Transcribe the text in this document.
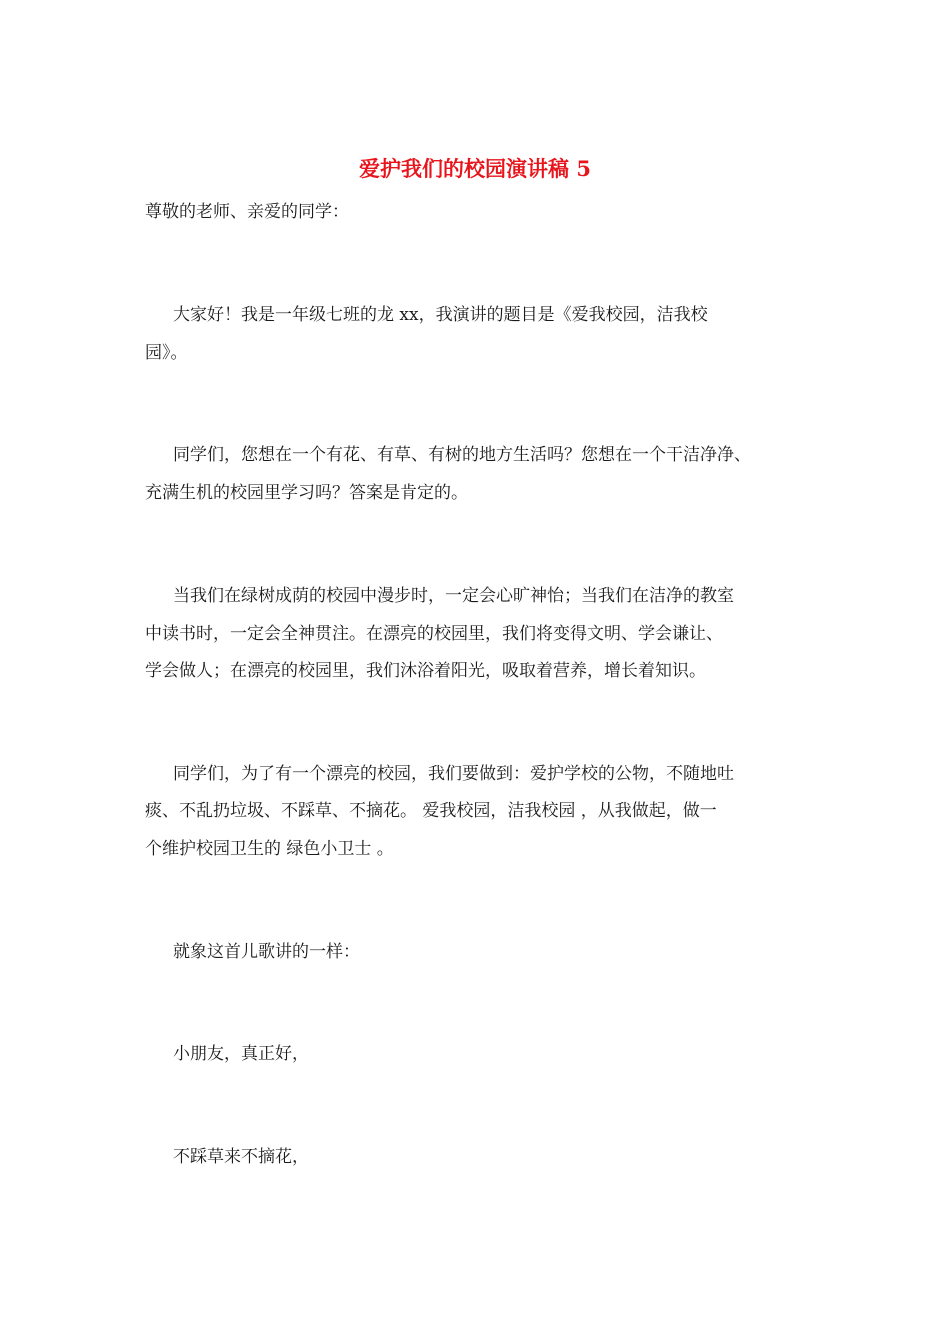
爱护我们的校园演讲稿 5
尊敬的老师、亲爱的同学：
大家好！我是一年级七班的龙 xx，我演讲的题目是《爱我校园，洁我校
园》。
同学们，您想在一个有花、有草、有树的地方生活吗？您想在一个干洁净净、
充满生机的校园里学习吗？答案是肯定的。
当我们在绿树成荫的校园中漫步时，一定会心旷神怡；当我们在洁净的教室
中读书时，一定会全神贯注。在漂亮的校园里，我们将变得文明、学会谦让、
学会做人；在漂亮的校园里，我们沐浴着阳光，吸取着营养，增长着知识。
同学们，为了有一个漂亮的校园，我们要做到：爱护学校的公物，不随地吐
痰、不乱扔垃圾、不踩草、不摘花。 爱我校园，洁我校园 ，从我做起，做一
个维护校园卫生的 绿色小卫士 。
就象这首儿歌讲的一样：
小朋友，真正好，
不踩草来不摘花，
